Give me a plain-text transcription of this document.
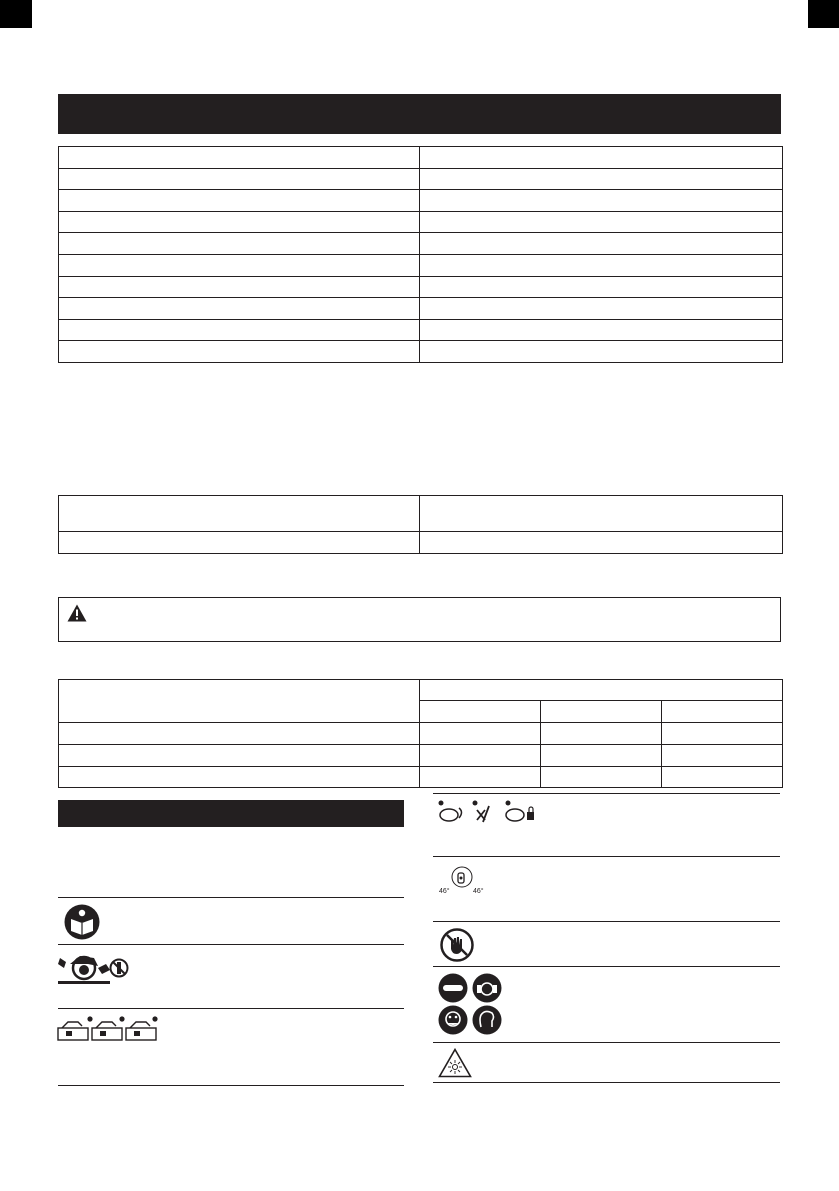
46°	46°
